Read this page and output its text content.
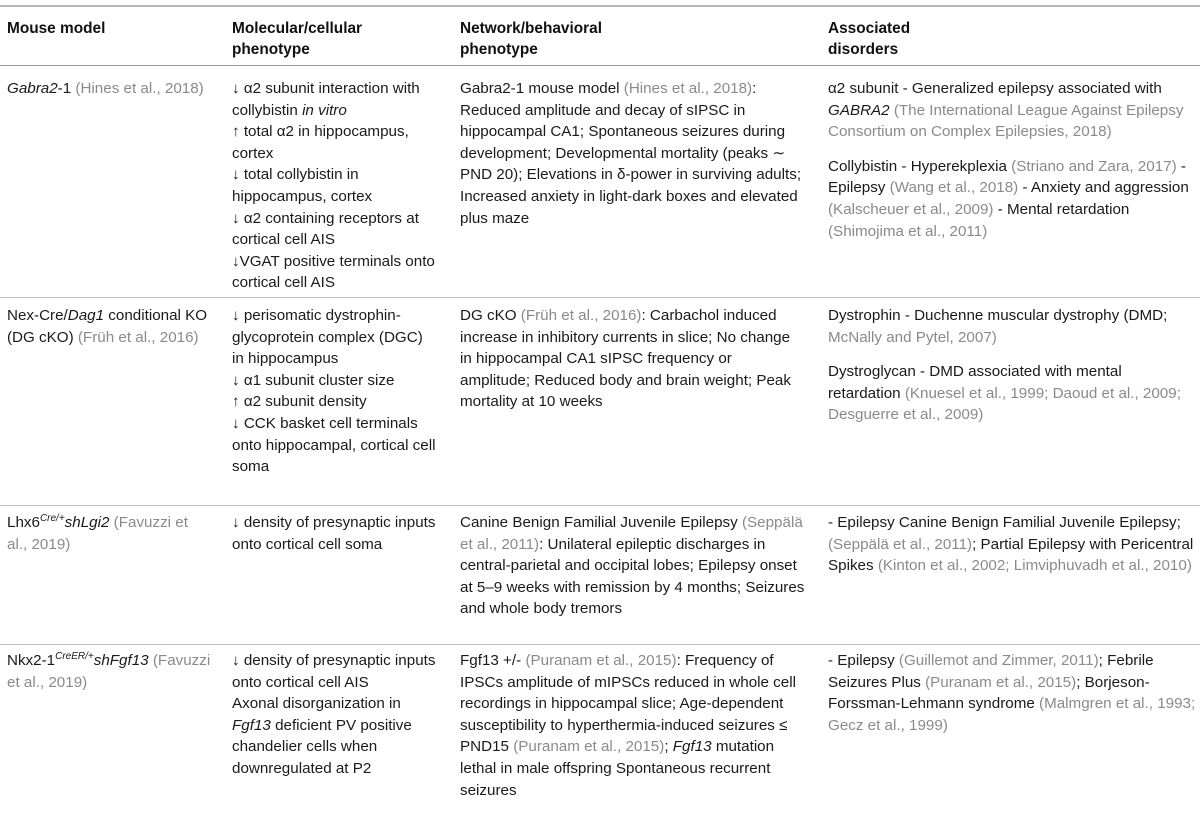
Mouse model	Molecular/cellular
phenotype
Network/behavioral
phenotype
Associated
disorders
Gabra2-1 (Hines et al., 2018)	↓ α2 subunit interaction with collybistin in vitro
↑ total α2 in hippocampus, cortex
↓ total collybistin in hippocampus, cortex
↓ α2 containing receptors at cortical cell AIS
↓VGAT positive terminals onto cortical cell AIS
Gabra2-1 mouse model (Hines et al., 2018): Reduced amplitude and decay of sIPSC in hippocampal CA1; Spontaneous seizures during development; Developmental mortality (peaks ∼ PND 20); Elevations in δ-power in surviving adults; Increased anxiety in light-dark boxes and elevated plus maze
α2 subunit - Generalized epilepsy associated with GABRA2 (The International League Against Epilepsy Consortium on Complex Epilepsies, 2018)
Collybistin - Hyperekplexia (Striano and Zara, 2017) - Epilepsy (Wang et al., 2018) - Anxiety and aggression (Kalscheuer et al., 2009) - Mental retardation (Shimojima et al., 2011)
Nex-Cre/Dag1 conditional KO (DG cKO) (Früh et al., 2016)
↓ perisomatic dystrophin-glycoprotein complex (DGC) in hippocampus
↓ α1 subunit cluster size
↑ α2 subunit density
↓ CCK basket cell terminals onto hippocampal, cortical cell soma
DG cKO (Früh et al., 2016): Carbachol induced increase in inhibitory currents in slice; No change in hippocampal CA1 sIPSC frequency or amplitude; Reduced body and brain weight; Peak mortality at 10 weeks
Dystrophin - Duchenne muscular dystrophy (DMD; McNally and Pytel, 2007)
Dystroglycan - DMD associated with mental retardation (Knuesel et al., 1999; Daoud et al., 2009; Desguerre et al., 2009)
$Lhx6^{Cre/+}shLgi2$ (Favuzzi et al., 2019)
↓ density of presynaptic inputs onto cortical cell soma
Canine Benign Familial Juvenile Epilepsy (Seppälä et al., 2011): Unilateral epileptic discharges in central-parietal and occipital lobes; Epilepsy onset at 5–9 weeks with remission by 4 months; Seizures and whole body tremors
- Epilepsy Canine Benign Familial Juvenile Epilepsy; (Seppälä et al., 2011); Partial Epilepsy with Pericentral Spikes (Kinton et al., 2002; Limviphuvadh et al., 2010)
$Nkx2-1^{CreER/+}shFgf13$ (Favuzzi et al., 2019)
↓ density of presynaptic inputs onto cortical cell AIS
Axonal disorganization in Fgf13 deficient PV positive chandelier cells when downregulated at P2
Fgf13 +/- (Puranam et al., 2015): Frequency of IPSCs amplitude of mIPSCs reduced in whole cell recordings in hippocampal slice; Age-dependent susceptibility to hyperthermia-induced seizures ≤ PND15 (Puranam et al., 2015); Fgf13 mutation lethal in male offspring Spontaneous recurrent seizures
- Epilepsy (Guillemot and Zimmer, 2011); Febrile Seizures Plus (Puranam et al., 2015); Borjeson-Forssman-Lehmann syndrome (Malmgren et al., 1993; Gecz et al., 1999)
